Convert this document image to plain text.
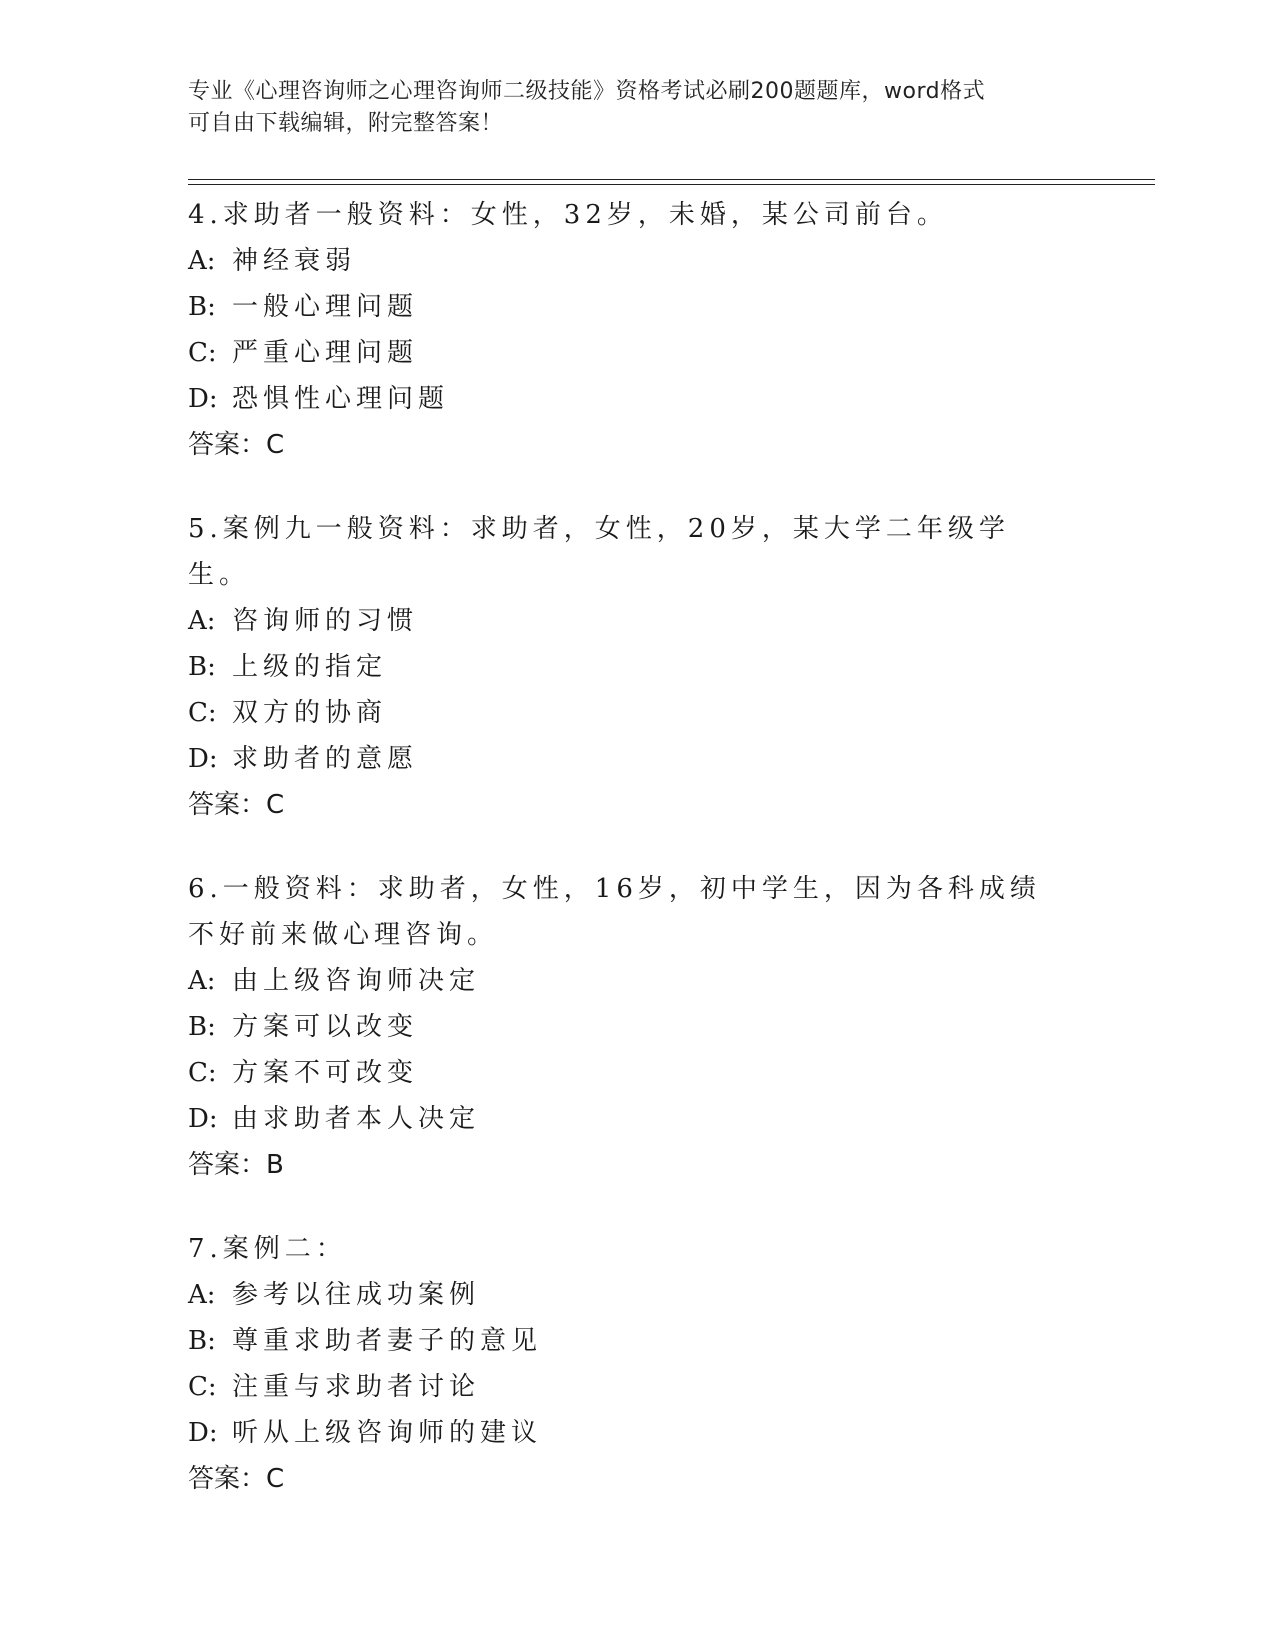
专业《心理咨询师之心理咨询师二级技能》资格考试必刷200题题库，word格式
可自由下载编辑，附完整答案！
4.求助者一般资料：女性，32岁，未婚，某公司前台。
A: 神经衰弱
B: 一般心理问题
C: 严重心理问题
D: 恐惧性心理问题
答案：C
5.案例九一般资料：求助者，女性，20岁，某大学二年级学生。
A: 咨询师的习惯
B: 上级的指定
C: 双方的协商
D: 求助者的意愿
答案：C
6.一般资料：求助者，女性，16岁，初中学生，因为各科成绩不好前来做心理咨询。
A: 由上级咨询师决定
B: 方案可以改变
C: 方案不可改变
D: 由求助者本人决定
答案：B
7.案例二：
A: 参考以往成功案例
B: 尊重求助者妻子的意见
C: 注重与求助者讨论
D: 听从上级咨询师的建议
答案：C
